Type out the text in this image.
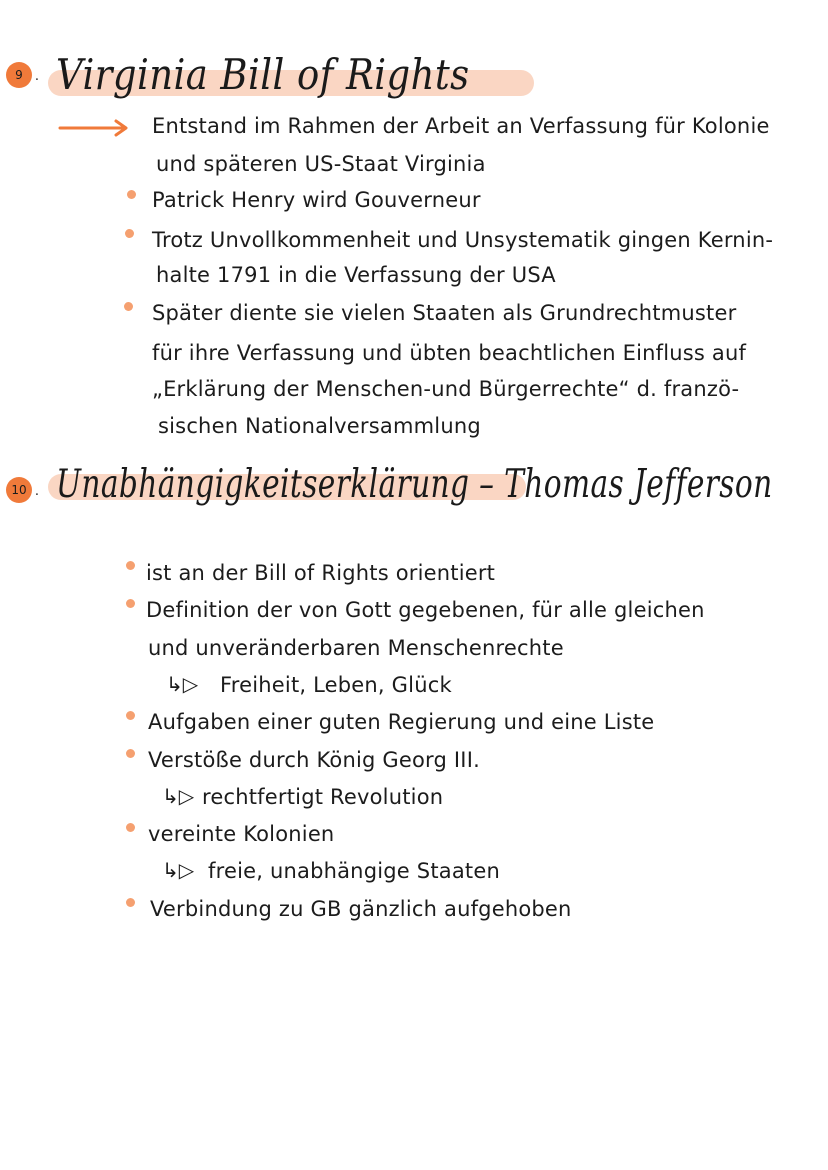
9 . Virginia Bill of Rights
Entstand im Rahmen der Arbeit an Verfassung für Kolonie
und späteren US-Staat Virginia
Patrick Henry wird Gouverneur
Trotz Unvollkommenheit und Unsystematik gingen Kernin-
halte 1791 in die Verfassung der USA
Später diente sie vielen Staaten als Grundrechtmuster
für ihre Verfassung und übten beachtlichen Einfluss auf
„Erklärung der Menschen-und Bürgerrechte“ d. franzö-
sischen Nationalversammlung
10 . Unabhängigkeitserklärung – Thomas Jefferson
ist an der Bill of Rights orientiert
Definition der von Gott gegebenen, für alle gleichen
und unveränderbaren Menschenrechte
↳▷ Freiheit, Leben, Glück
Aufgaben einer guten Regierung und eine Liste
Verstöße durch König Georg III.
↳▷ rechtfertigt Revolution
vereinte Kolonien
↳▷ freie, unabhängige Staaten
Verbindung zu GB gänzlich aufgehoben
